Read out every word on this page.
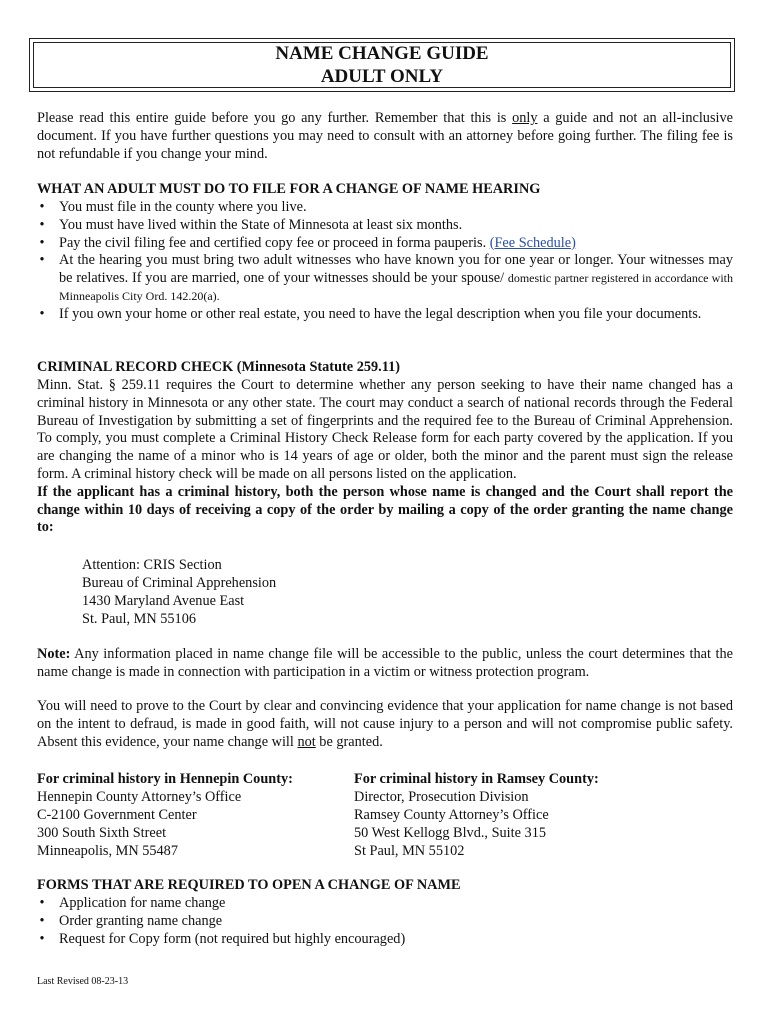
NAME CHANGE GUIDE
ADULT ONLY

Please read this entire guide before you go any further. Remember that this is only a guide and not an all-inclusive document. If you have further questions you may need to consult with an attorney before going further. The filing fee is not refundable if you change your mind.

WHAT AN ADULT MUST DO TO FILE FOR A CHANGE OF NAME HEARING
• You must file in the county where you live.
• You must have lived within the State of Minnesota at least six months.
• Pay the civil filing fee and certified copy fee or proceed in forma pauperis. (Fee Schedule)
• At the hearing you must bring two adult witnesses who have known you for one year or longer. Your witnesses may be relatives. If you are married, one of your witnesses should be your spouse/ domestic partner registered in accordance with Minneapolis City Ord. 142.20(a).
• If you own your home or other real estate, you need to have the legal description when you file your documents.
CRIMINAL RECORD CHECK (Minnesota Statute 259.11)

Minn. Stat. § 259.11 requires the Court to determine whether any person seeking to have their name changed has a criminal history in Minnesota or any other state. The court may conduct a search of national records through the Federal Bureau of Investigation by submitting a set of fingerprints and the required fee to the Bureau of Criminal Apprehension. To comply, you must complete a Criminal History Check Release form for each party covered by the application. If you are changing the name of a minor who is 14 years of age or older, both the minor and the parent must sign the release form. A criminal history check will be made on all persons listed on the application.
If the applicant has a criminal history, both the person whose name is changed and the Court shall report the change within 10 days of receiving a copy of the order by mailing a copy of the order granting the name change to:

Attention: CRIS Section
Bureau of Criminal Apprehension
1430 Maryland Avenue East
St. Paul, MN 55106

Note: Any information placed in name change file will be accessible to the public, unless the court determines that the name change is made in connection with participation in a victim or witness protection program.

You will need to prove to the Court by clear and convincing evidence that your application for name change is not based on the intent to defraud, is made in good faith, will not cause injury to a person and will not compromise public safety. Absent this evidence, your name change will not be granted.

For criminal history in Hennepin County:
Hennepin County Attorney’s Office
C-2100 Government Center
300 South Sixth Street
Minneapolis, MN 55487
For criminal history in Ramsey County:
Director, Prosecution Division
Ramsey County Attorney’s Office
50 West Kellogg Blvd., Suite 315
St Paul, MN 55102
FORMS THAT ARE REQUIRED TO OPEN A CHANGE OF NAME
• Application for name change
• Order granting name change
• Request for Copy form (not required but highly encouraged)
Last Revised 08-23-13
